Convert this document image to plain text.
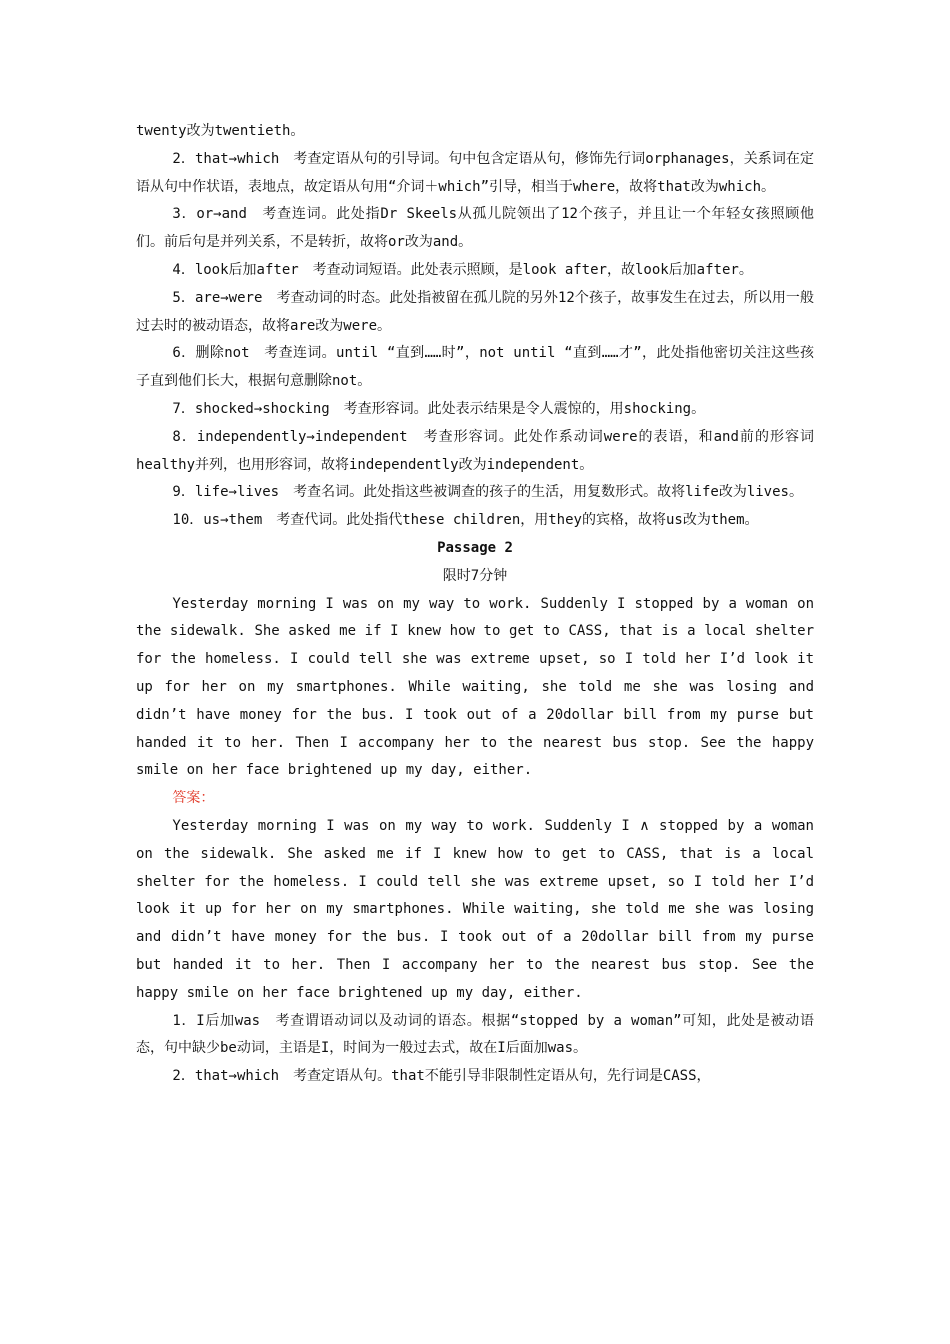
twenty改为twentieth。

2．that→which　考查定语从句的引导词。句中包含定语从句，修饰先行词orphanages，关系词在定语从句中作状语，表地点，故定语从句用“介词＋which”引导，相当于where，故将that改为which。

3．or→and　考查连词。此处指Dr Skeels从孤儿院领出了12个孩子，并且让一个年轻女孩照顾他们。前后句是并列关系，不是转折，故将or改为and。

4．look后加after　考查动词短语。此处表示照顾，是look after，故look后加after。

5．are→were　考查动词的时态。此处指被留在孤儿院的另外12个孩子，故事发生在过去，所以用一般过去时的被动语态，故将are改为were。

6．删除not　考查连词。until “直到……时”，not until “直到……才”，此处指他密切关注这些孩子直到他们长大，根据句意删除not。

7．shocked→shocking　考查形容词。此处表示结果是令人震惊的，用shocking。

8．independently→independent　考查形容词。此处作系动词were的表语，和and前的形容词healthy并列，也用形容词，故将independently改为independent。

9．life→lives　考查名词。此处指这些被调查的孩子的生活，用复数形式。故将life改为lives。

10．us→them　考查代词。此处指代these children，用they的宾格，故将us改为them。

Passage 2

限时7分钟

Yesterday morning I was on my way to work. Suddenly I stopped by a woman on the sidewalk. She asked me if I knew how to get to CASS, that is a local shelter for the homeless. I could tell she was extreme upset, so I told her I’d look it up for her on my smartphones. While waiting, she told me she was losing and didn’t have money for the bus. I took out of a 20dollar bill from my purse but handed it to her. Then I accompany her to the nearest bus stop. See the happy smile on her face brightened up my day, either.

答案：

Yesterday morning I was on my way to work. Suddenly I ∧ stopped by a woman on the sidewalk. She asked me if I knew how to get to CASS, that is a local shelter for the homeless. I could tell she was extreme upset, so I told her I’d look it up for her on my smartphones. While waiting, she told me she was losing and didn’t have money for the bus. I took out of a 20dollar bill from my purse but handed it to her. Then I accompany her to the nearest bus stop. See the happy smile on her face brightened up my day, either.

1．I后加was　考查谓语动词以及动词的语态。根据“stopped by a woman”可知，此处是被动语态，句中缺少be动词，主语是I，时间为一般过去式，故在I后面加was。

2．that→which　考查定语从句。that不能引导非限制性定语从句，先行词是CASS，
